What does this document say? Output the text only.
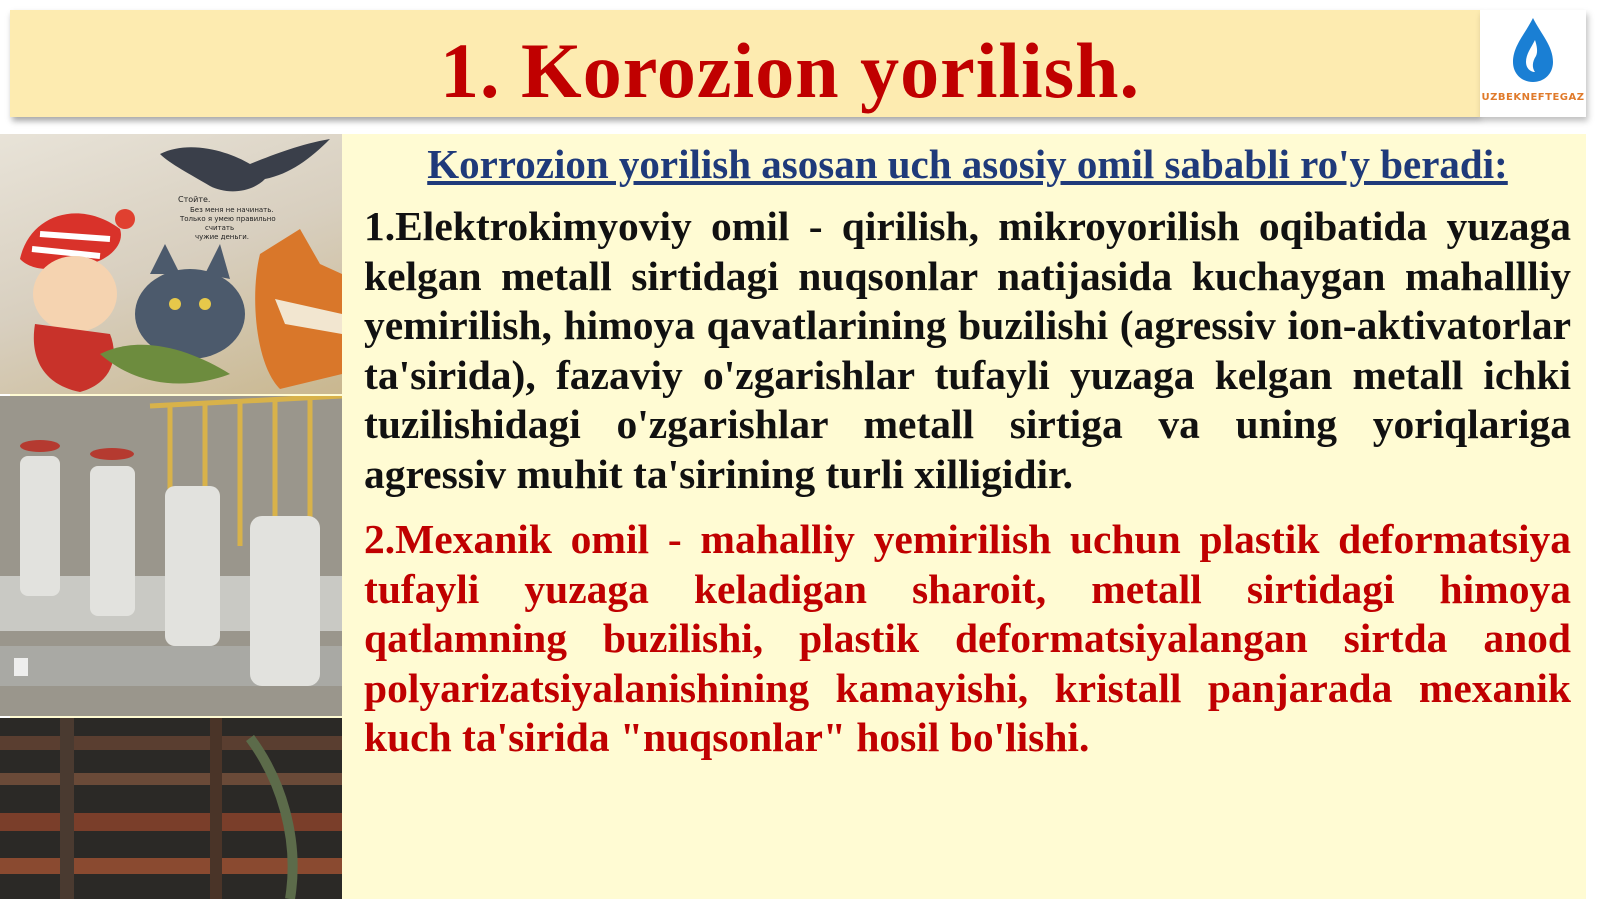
1. Korozion yorilish.	UZBEKNEFTEGAZ
Стойте.
Без меня не начинать.
Только я умею правильно
считать
чужие деньги.
Korrozion yorilish asosan uch asosiy omil sababli ro'y beradi:
1.Elektrokimyoviy omil - qirilish, mikroyorilish oqibatida yuzaga kelgan metall sirtidagi nuqsonlar natijasida kuchaygan mahallliy yemirilish, himoya qavatlarining buzilishi (agressiv ion-aktivatorlar ta'sirida), fazaviy o'zgarishlar tufayli yuzaga kelgan metall ichki tuzilishidagi o'zgarishlar metall sirtiga va uning yoriqlariga agressiv muhit ta'sirining turli xilligidir.
2.Mexanik omil - mahalliy yemirilish uchun plastik deformatsiya tufayli yuzaga keladigan sharoit, metall sirtidagi himoya qatlamning buzilishi, plastik deformatsiyalangan sirtda anod polyarizatsiyalanishining kamayishi, kristall panjarada mexanik kuch ta'sirida "nuqsonlar" hosil bo'lishi.
